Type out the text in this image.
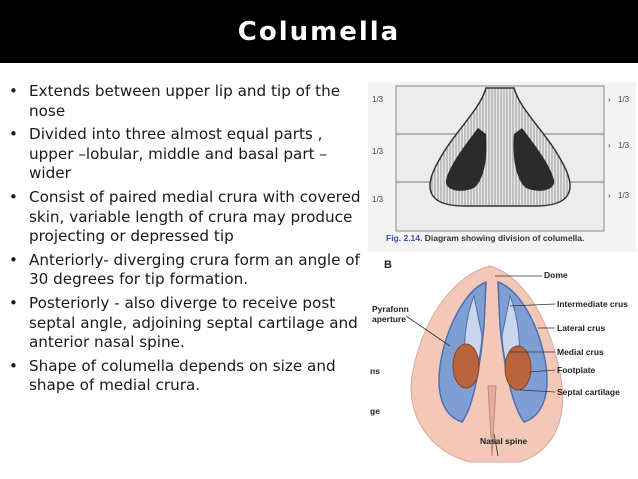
Columella
• Extends between upper lip and tip of the nose
• Divided into three almost equal parts , upper –lobular, middle and basal part – wider
• Consist of paired medial crura with covered skin, variable length of crura may produce projecting or depressed tip
• Anteriorly- diverging crura form an angle of 30 degrees for tip formation.
• Posteriorly - also diverge to receive post septal angle, adjoining septal cartilage and anterior nasal spine.
• Shape of columella depends on size and shape of medial crura.
1/3
1/3
1/3
› 1/3
› 1/3
› 1/3
Fig. 2.14. Diagram showing division of columella.
B
Dome
Pyrafonn
aperture
Intermediate crus
Lateral crus
Medial crus
Footplate
Septal cartilage
Nasal spine
ns
ge
